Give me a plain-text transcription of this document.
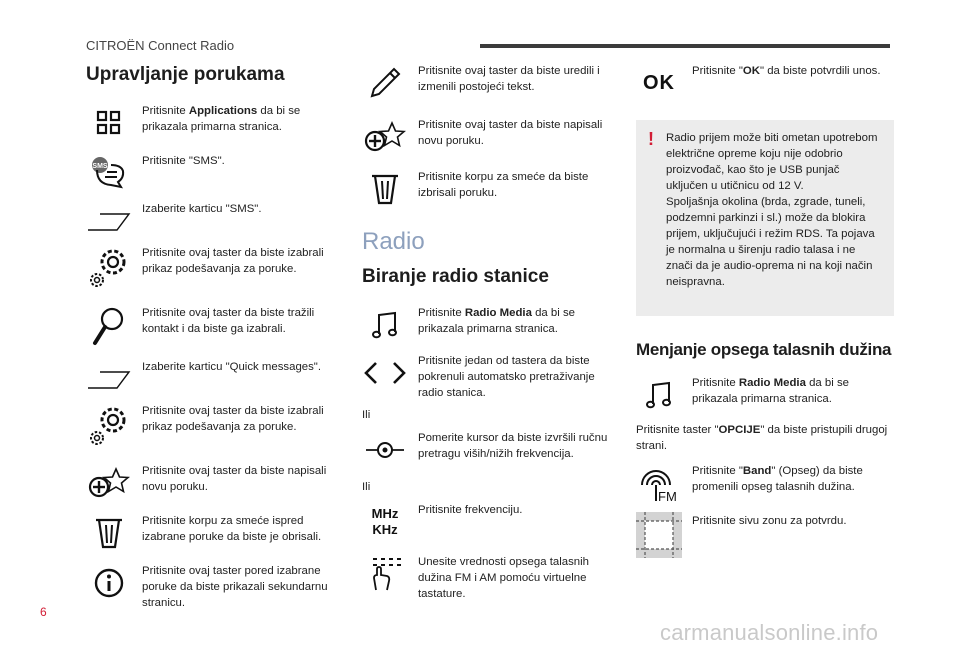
CITROËN Connect Radio
Upravljanje porukama
Pritisnite Applications da bi se prikazala primarna stranica.
SMS	Pritisnite "SMS".
Izaberite karticu "SMS".
Pritisnite ovaj taster da biste izabrali prikaz podešavanja za poruke.
Pritisnite ovaj taster da biste tražili kontakt i da biste ga izabrali.
Izaberite karticu "Quick messages".
Pritisnite ovaj taster da biste izabrali prikaz podešavanja za poruke.
Pritisnite ovaj taster da biste napisali novu poruku.
Pritisnite korpu za smeće ispred izabrane poruke da biste je obrisali.
Pritisnite ovaj taster pored izabrane poruke da biste prikazali sekundarnu stranicu.
Pritisnite ovaj taster da biste uredili i izmenili postojeći tekst.
Pritisnite ovaj taster da biste napisali novu poruku.
Pritisnite korpu za smeće da biste izbrisali poruku.
Radio
Biranje radio stanice
Pritisnite Radio Media da bi se prikazala primarna stranica.
Pritisnite jedan od tastera da biste pokrenuli automatsko pretraživanje radio stanica.
Ili
Pomerite kursor da biste izvršili ručnu pretragu viših/nižih frekvencija.
Ili
MHz
KHz
Pritisnite frekvenciju.
Unesite vrednosti opsega talasnih dužina FM i AM pomoću virtuelne tastature.
OK
Pritisnite "OK" da biste potvrdili unos.
!	Radio prijem može biti ometan upotrebom električne opreme koju nije odobrio proizvođač, kao što je USB punjač uključen u utičnicu od 12 V.
Spoljašnja okolina (brda, zgrade, tuneli, podzemni parkinzi i sl.) može da blokira prijem, uključujući i režim RDS. Ta pojava je normalna u širenju radio talasa i ne znači da je audio-oprema ni na koji način neispravna.
Menjanje opsega talasnih dužina
Pritisnite Radio Media da bi se prikazala primarna stranica.
Pritisnite taster "OPCIJE" da biste pristupili drugoj strani.
FM
Pritisnite "Band" (Opseg) da biste promenili opseg talasnih dužina.
Pritisnite sivu zonu za potvrdu.
6
carmanualsonline.info
